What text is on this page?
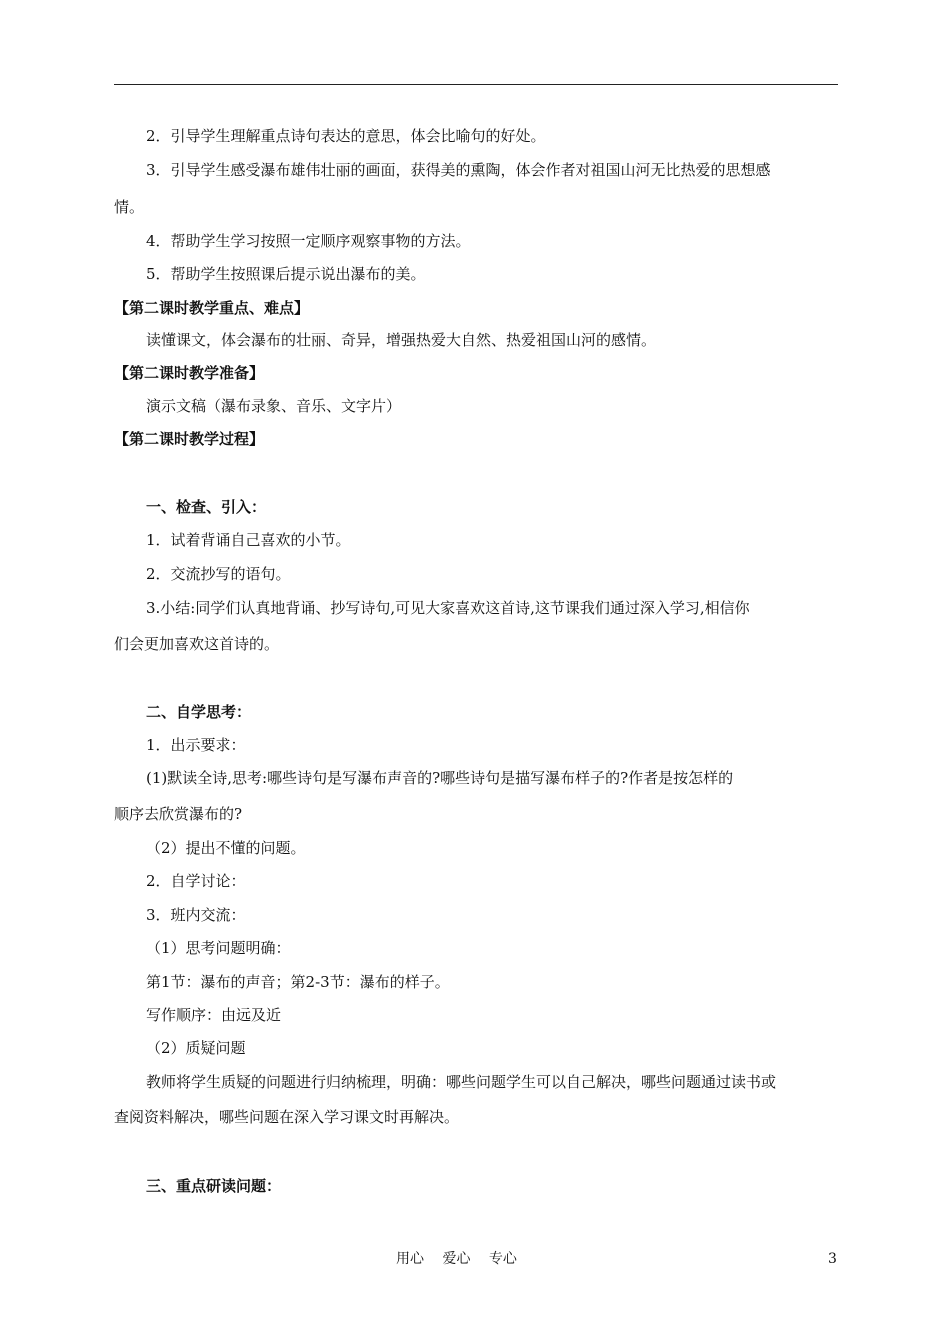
2．引导学生理解重点诗句表达的意思，体会比喻句的好处。
3．引导学生感受瀑布雄伟壮丽的画面，获得美的熏陶，体会作者对祖国山河无比热爱的思想感
情。
4．帮助学生学习按照一定顺序观察事物的方法。
5．帮助学生按照课后提示说出瀑布的美。
【第二课时教学重点、难点】
读懂课文，体会瀑布的壮丽、奇异，增强热爱大自然、热爱祖国山河的感情。
【第二课时教学准备】
演示文稿（瀑布录象、音乐、文字片）
【第二课时教学过程】
一、检查、引入：
1．试着背诵自己喜欢的小节。
2．交流抄写的语句。
3.小结:同学们认真地背诵、抄写诗句,可见大家喜欢这首诗,这节课我们通过深入学习,相信你
们会更加喜欢这首诗的。
二、自学思考：
1．出示要求：
(1)默读全诗,思考:哪些诗句是写瀑布声音的?哪些诗句是描写瀑布样子的?作者是按怎样的
顺序去欣赏瀑布的?
（2）提出不懂的问题。
2．自学讨论：
3．班内交流：
（1）思考问题明确：
第1节：瀑布的声音；第2-3节：瀑布的样子。
写作顺序：由远及近
（2）质疑问题
教师将学生质疑的问题进行归纳梳理，明确：哪些问题学生可以自己解决，哪些问题通过读书或
查阅资料解决，哪些问题在深入学习课文时再解决。
三、重点研读问题：
用心　 爱心　 专心	3
